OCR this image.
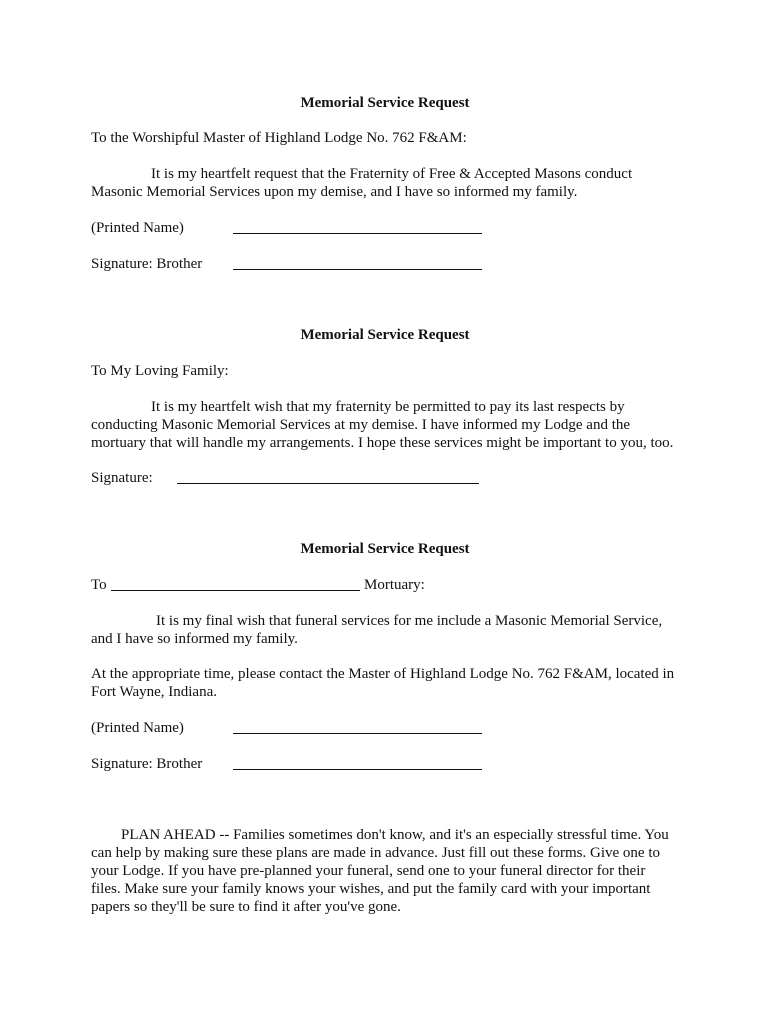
Memorial Service Request
To the Worshipful Master of Highland Lodge No. 762 F&AM:
It is my heartfelt request that the Fraternity of Free & Accepted Masons conduct
Masonic Memorial Services upon my demise, and I have so informed my family.
(Printed Name)
Signature: Brother
Memorial Service Request
To My Loving Family:
It is my heartfelt wish that my fraternity be permitted to pay its last respects by
conducting Masonic Memorial Services at my demise. I have informed my Lodge and the
mortuary that will handle my arrangements. I hope these services might be important to you, too.
Signature:
Memorial Service Request
To	Mortuary:
It is my final wish that funeral services for me include a Masonic Memorial Service,
and I have so informed my family.
At the appropriate time, please contact the Master of Highland Lodge No. 762 F&AM, located in
Fort Wayne, Indiana.
(Printed Name)
Signature: Brother
PLAN AHEAD -- Families sometimes don't know, and it's an especially stressful time. You
can help by making sure these plans are made in advance. Just fill out these forms. Give one to
your Lodge. If you have pre-planned your funeral, send one to your funeral director for their
files. Make sure your family knows your wishes, and put the family card with your important
papers so they'll be sure to find it after you've gone.
